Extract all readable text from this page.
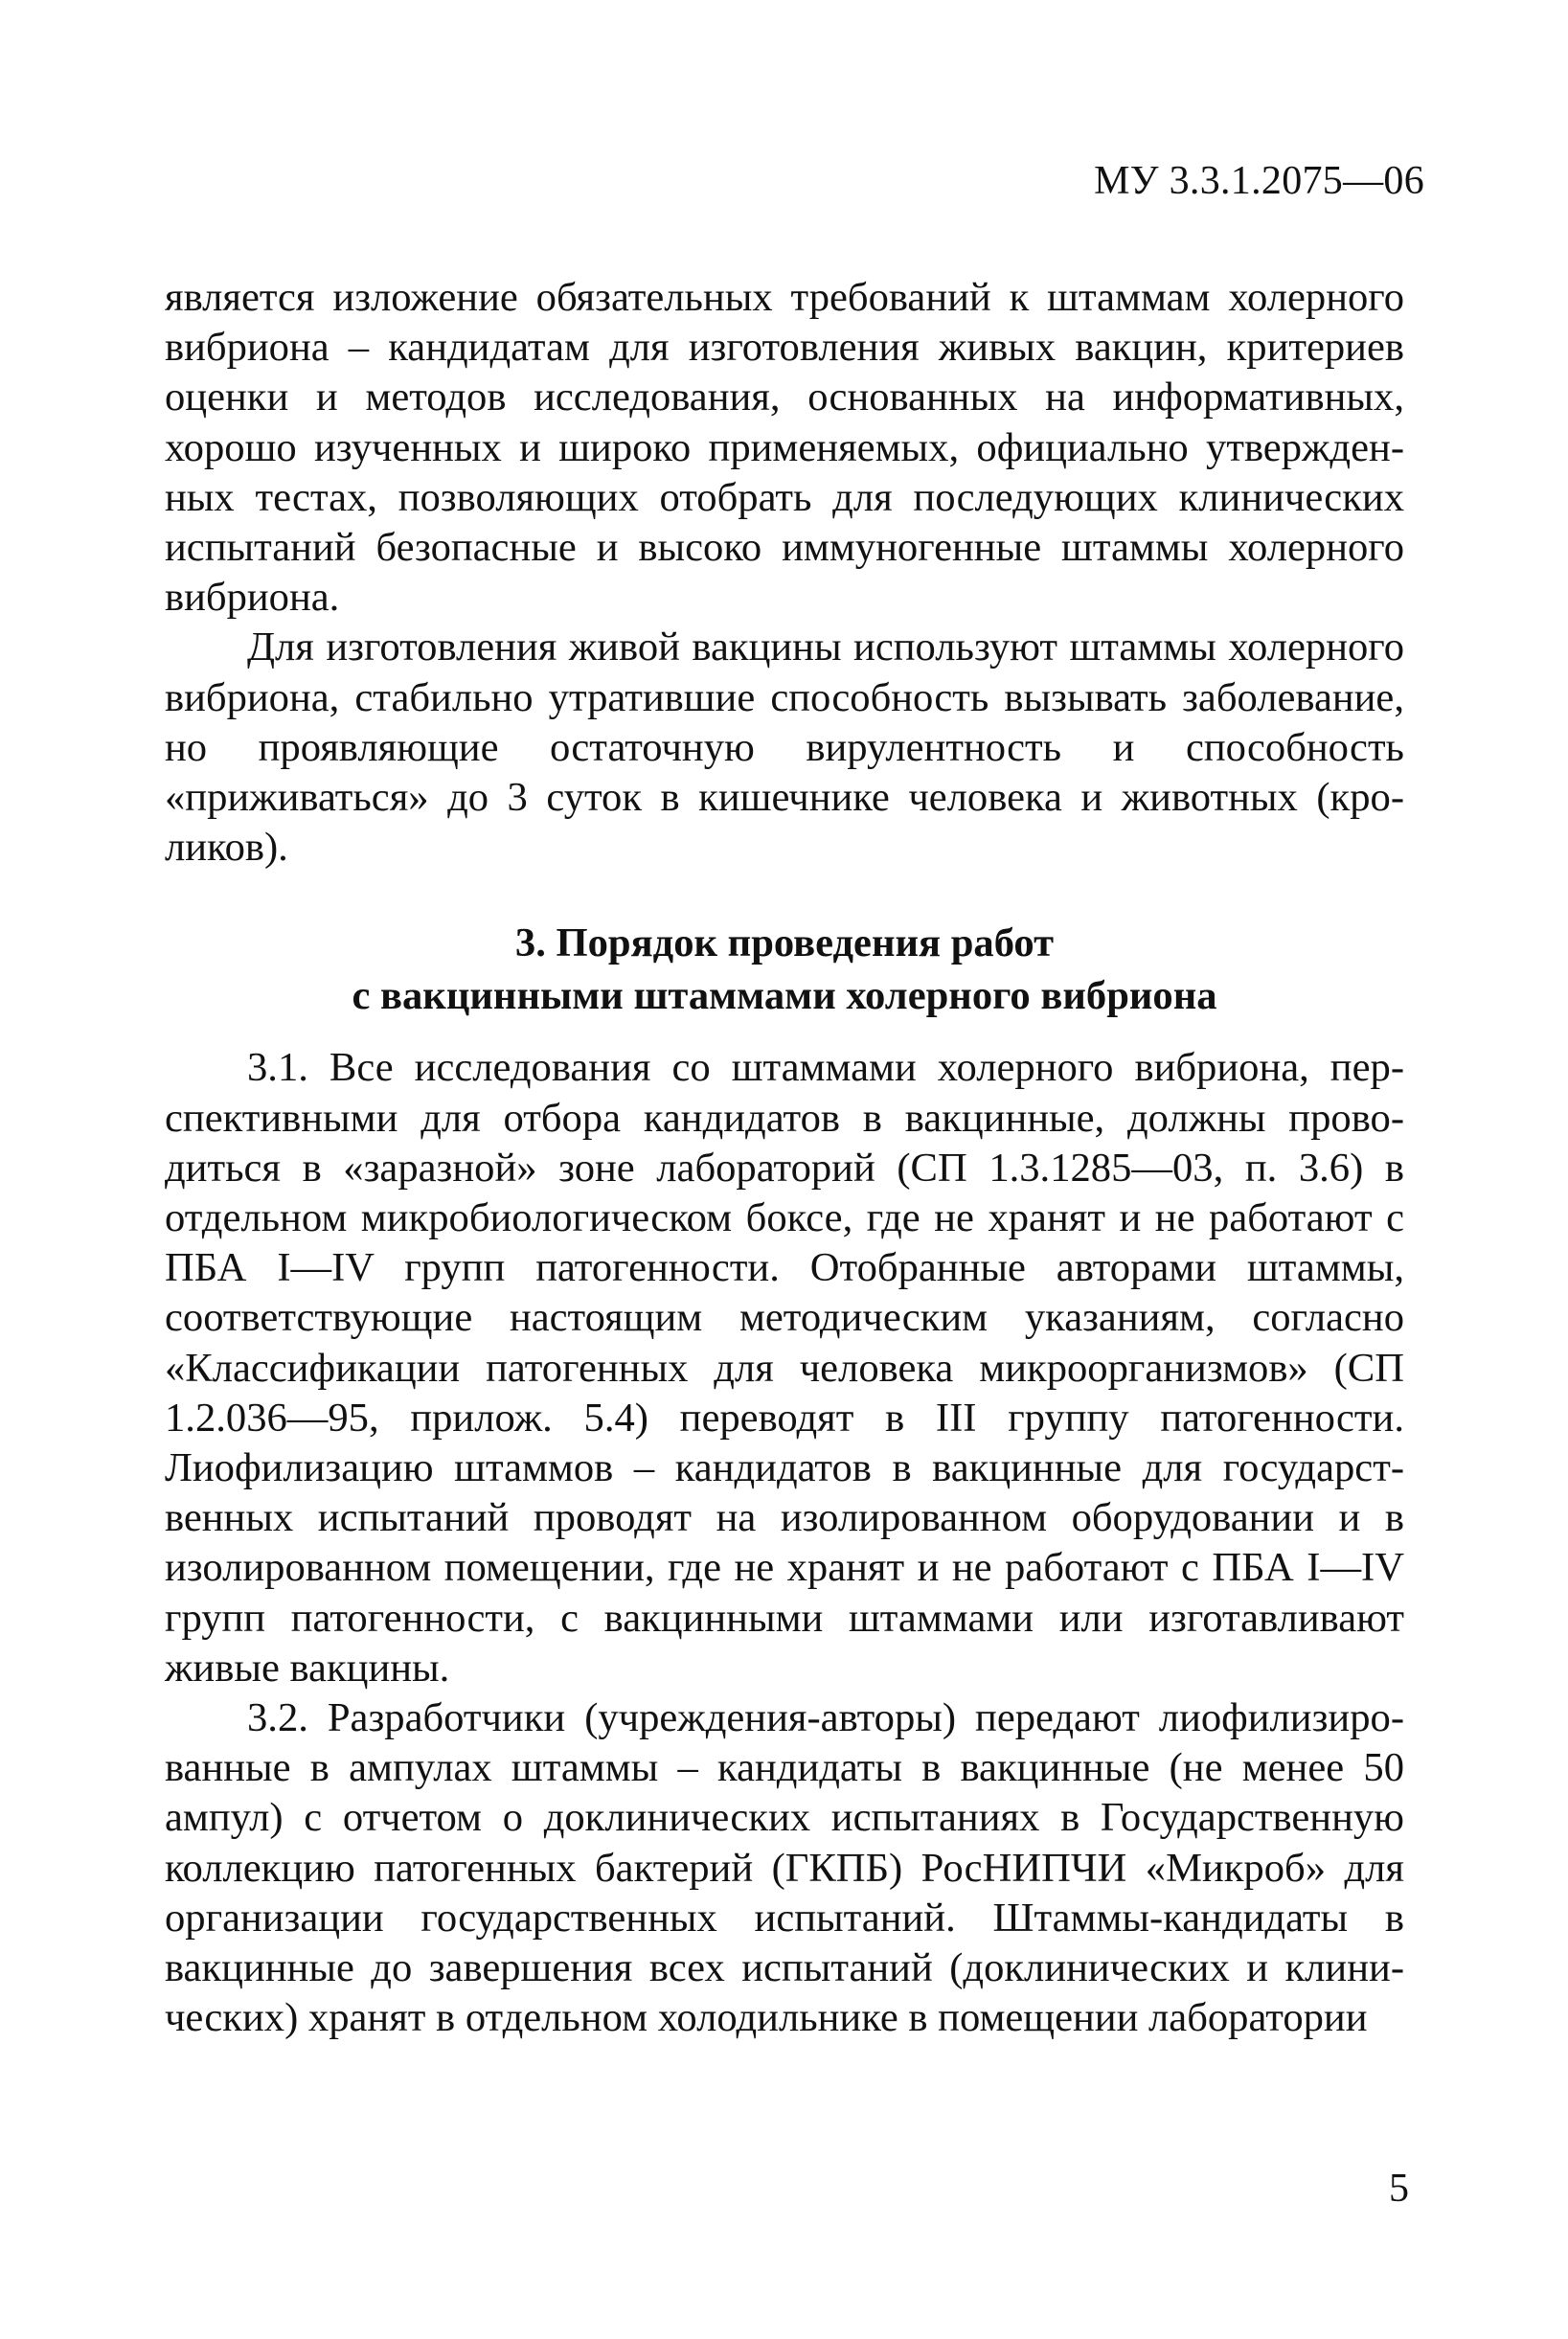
МУ 3.3.1.2075—06

является изложение обязательных требований к штаммам холерного вибриона – кандидатам для изготовления живых вакцин, критериев оценки и методов исследования, основанных на информативных, хорошо изученных и широко применяемых, официально утвержденных тестах, позволяющих отобрать для последующих клинических испытаний безопасные и высоко иммуногенные штаммы холерного вибриона.

Для изготовления живой вакцины используют штаммы холерного вибриона, стабильно утратившие способность вызывать заболевание, но проявляющие остаточную вирулентность и способность «приживаться» до 3 суток в кишечнике человека и животных (кроликов).

3. Порядок проведения работ
с вакцинными штаммами холерного вибриона

3.1. Все исследования со штаммами холерного вибриона, перспективными для отбора кандидатов в вакцинные, должны проводиться в «заразной» зоне лабораторий (СП 1.3.1285—03, п. 3.6) в отдельном микробиологическом боксе, где не хранят и не работают с ПБА I—IV групп патогенности. Отобранные авторами штаммы, соответствующие настоящим методическим указаниям, согласно «Классификации патогенных для человека микроорганизмов» (СП 1.2.036—95, прилож. 5.4) переводят в III группу патогенности. Лиофилизацию штаммов – кандидатов в вакцинные для государственных испытаний проводят на изолированном оборудовании и в изолированном помещении, где не хранят и не работают с ПБА I—IV групп патогенности, с вакцинными штаммами или изготавливают живые вакцины.

3.2. Разработчики (учреждения-авторы) передают лиофилизированные в ампулах штаммы – кандидаты в вакцинные (не менее 50 ампул) с отчетом о доклинических испытаниях в Государственную коллекцию патогенных бактерий (ГКПБ) РосНИПЧИ «Микроб» для организации государственных испытаний. Штаммы-кандидаты в вакцинные до завершения всех испытаний (доклинических и клинических) хранят в отдельном холодильнике в помещении лаборатории

5
